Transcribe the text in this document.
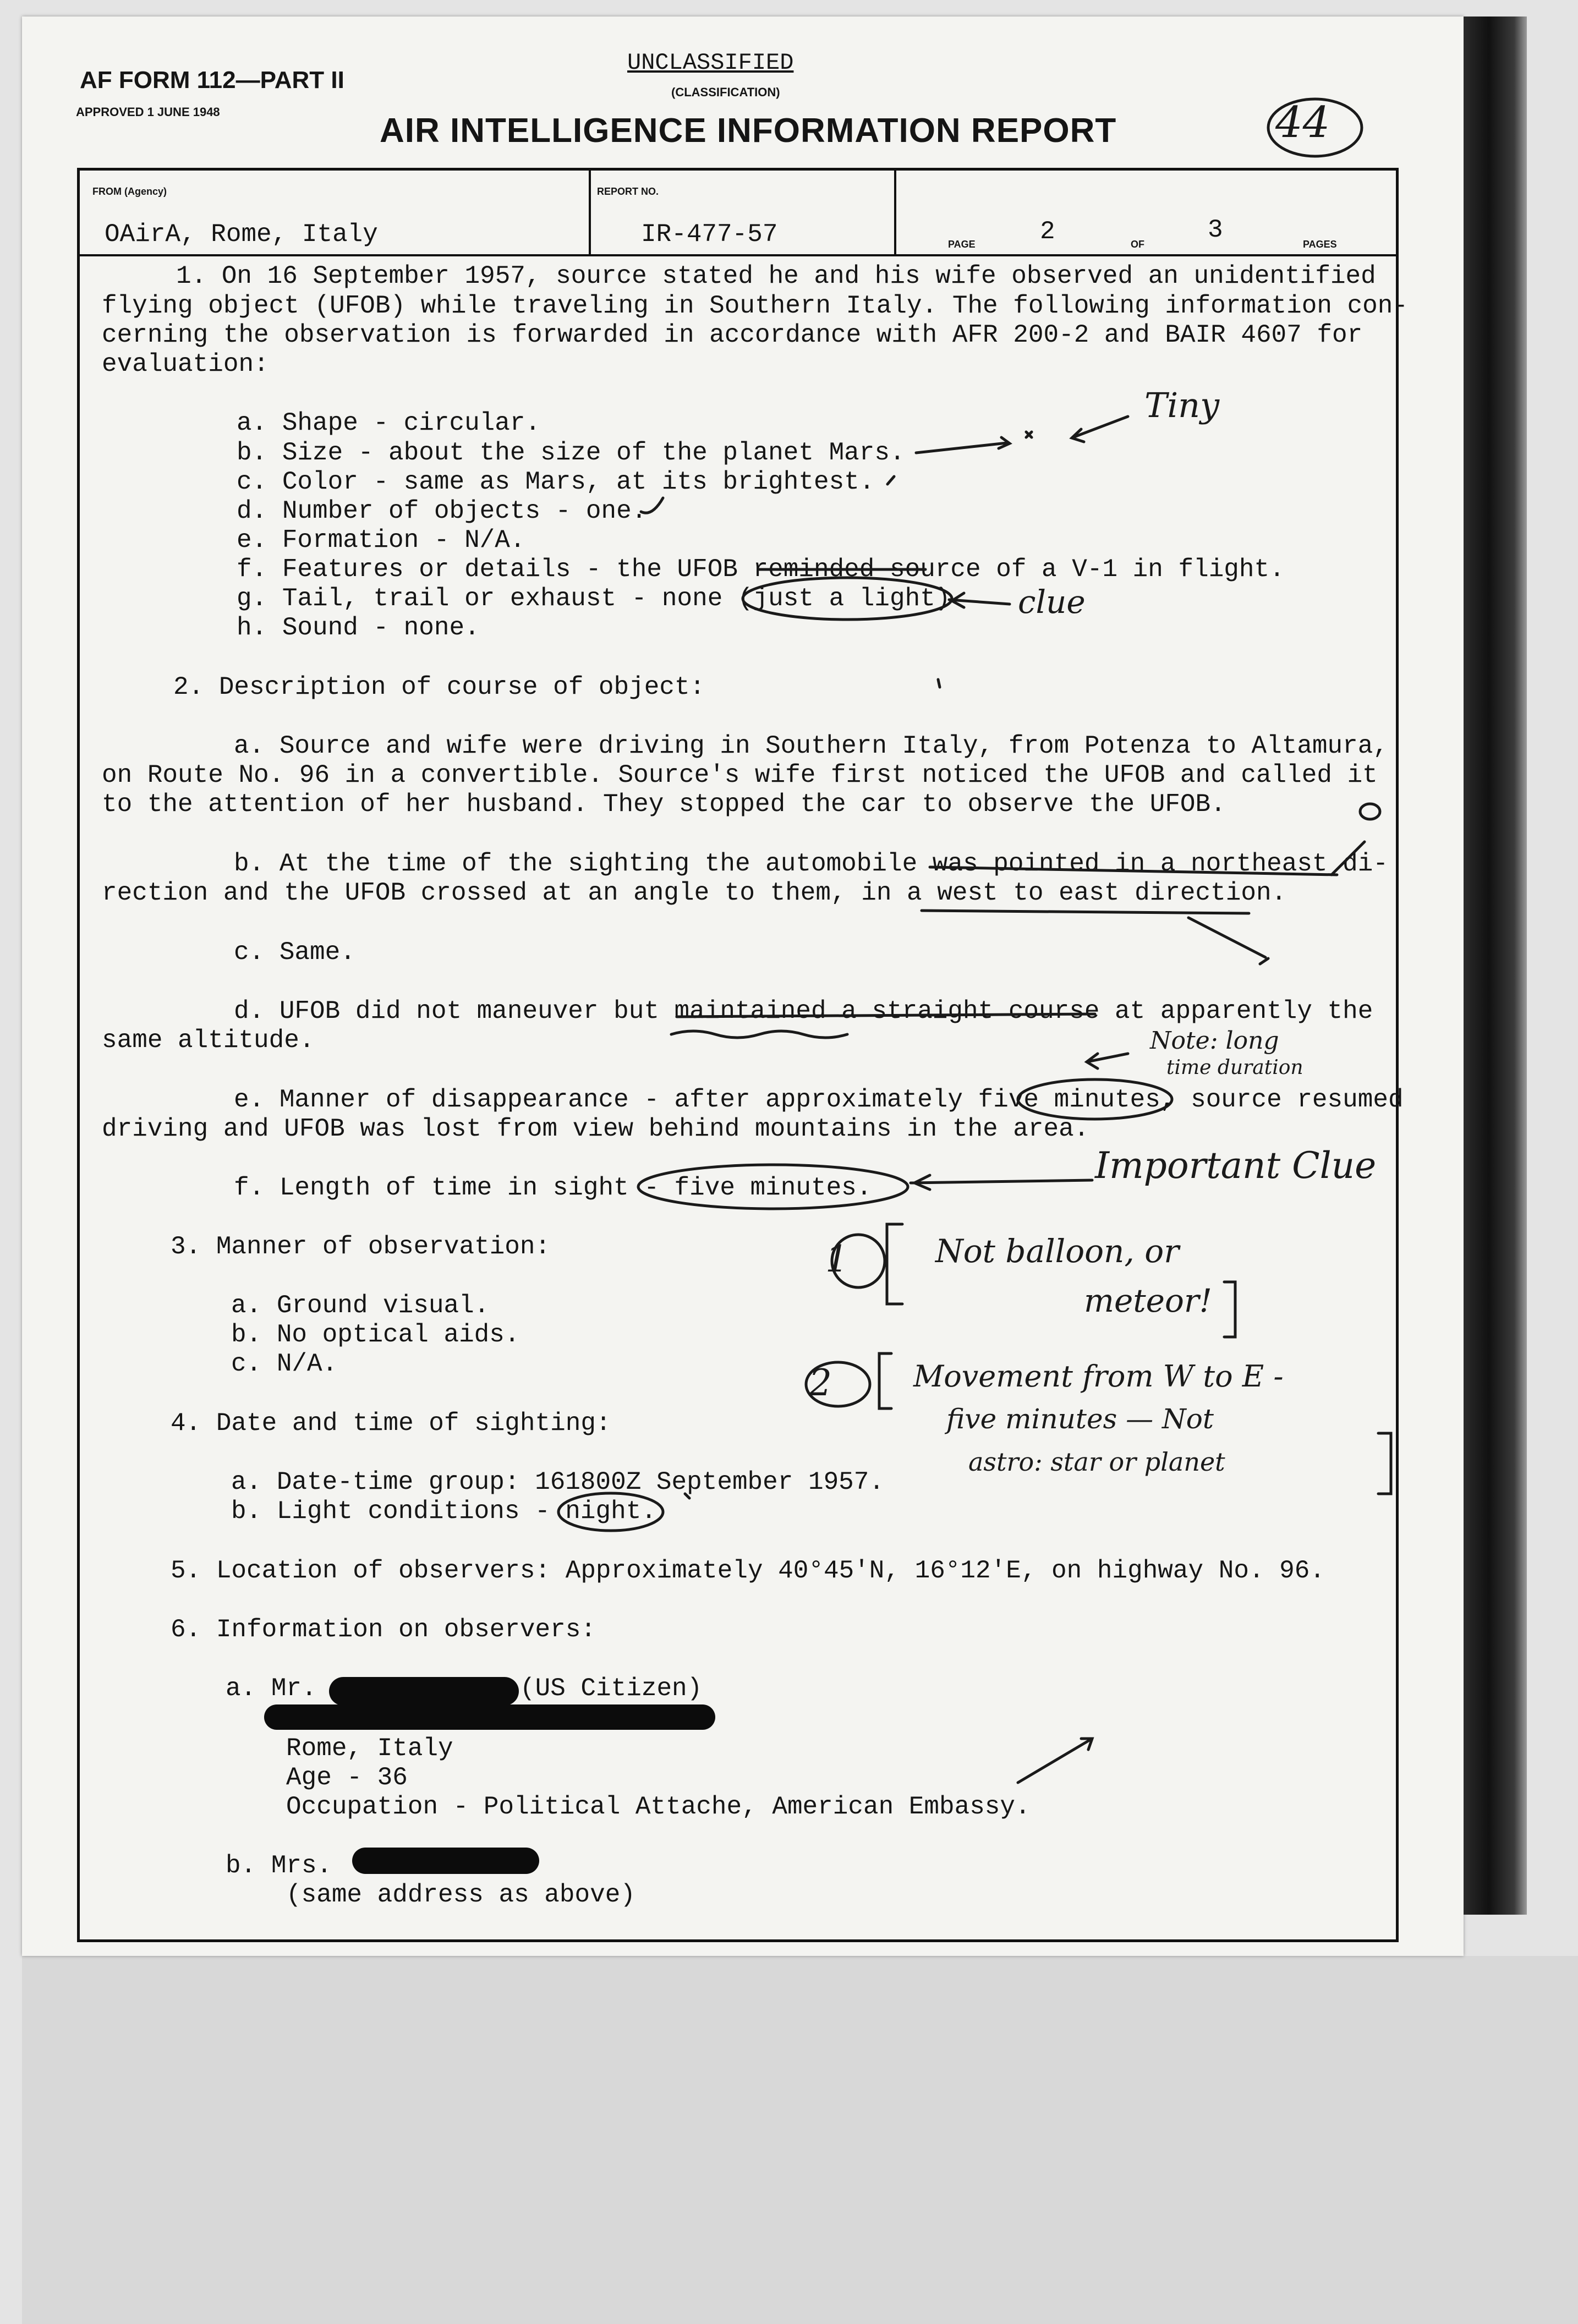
AF FORM 112—PART II
APPROVED 1 JUNE 1948
UNCLASSIFIED
(CLASSIFICATION)
AIR INTELLIGENCE INFORMATION REPORT	44
FROM (Agency)
OAirA, Rome, Italy
REPORT NO.
IR-477-57	PAGE	2	OF	3	PAGES
1. On 16 September 1957, source stated he and his wife observed an unidentified
flying object (UFOB) while traveling in Southern Italy. The following information con-
cerning the observation is forwarded in accordance with AFR 200-2 and BAIR 4607 for
evaluation:
a. Shape - circular.
b. Size - about the size of the planet Mars.
c. Color - same as Mars, at its brightest.
d. Number of objects - one.
e. Formation - N/A.
f. Features or details - the UFOB reminded source of a V-1 in flight.
g. Tail, trail or exhaust - none (just a light)
h. Sound - none.
2. Description of course of object:
a. Source and wife were driving in Southern Italy, from Potenza to Altamura,
on Route No. 96 in a convertible. Source's wife first noticed the UFOB and called it
to the attention of her husband. They stopped the car to observe the UFOB.
b. At the time of the sighting the automobile was pointed in a northeast di-
rection and the UFOB crossed at an angle to them, in a west to east direction.
c. Same.
d. UFOB did not maneuver but maintained a straight course at apparently the
same altitude.
e. Manner of disappearance - after approximately five minutes, source resumed
driving and UFOB was lost from view behind mountains in the area.
f. Length of time in sight - five minutes.
3. Manner of observation:
a. Ground visual.
b. No optical aids.
c. N/A.
4. Date and time of sighting:
a. Date-time group: 161800Z September 1957.
b. Light conditions - night.
5. Location of observers: Approximately 40°45'N, 16°12'E, on highway No. 96.
6. Information on observers:
a. Mr.	(US Citizen)
Rome, Italy
Age - 36
Occupation - Political Attache, American Embassy.
b. Mrs.
(same address as above)
Tiny
clue
Note: long
time duration
Important Clue
1	Not balloon, or
meteor!
2	Movement from W to E -
five minutes — Not
astro: star or planet
